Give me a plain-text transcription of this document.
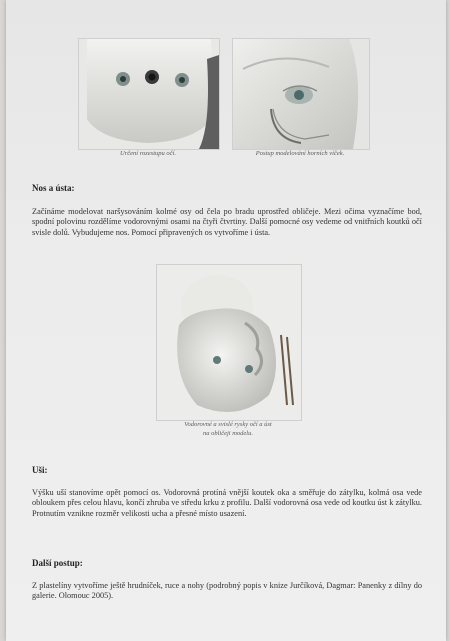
Určení rozestupu očí.	Postup modelování horních víček.
Nos a ústa:
Začínáme modelovat naršysováním kolmé osy od čela po bradu uprostřed obličeje. Mezi očima vyznačíme bod, spodní polovinu rozdělíme vodorovnými osami na čtyři čtvrtiny. Další pomocné osy vedeme od vnitřních koutků očí svisle dolů. Vybudujeme nos. Pomocí připravených os vytvoříme i ústa.
Vodorovné a svislé rysky očí a úst
na obličeji modelu.
Uši:
Výšku uší stanovíme opět pomocí os. Vodorovná protíná vnější koutek oka a směřuje do zátylku, kolmá osa vede obloukem přes celou hlavu, končí zhruba ve středu krku z profilu. Další vodorovná osa vede od koutku úst k zátylku. Protnutím vznikne rozměr velikosti ucha a přesné místo usazení.
Další postup:
Z plastelíny vytvoříme ještě hrudníček, ruce a nohy (podrobný popis v knize Jurčíková, Dagmar: Panenky z dílny do galerie. Olomouc 2005).
